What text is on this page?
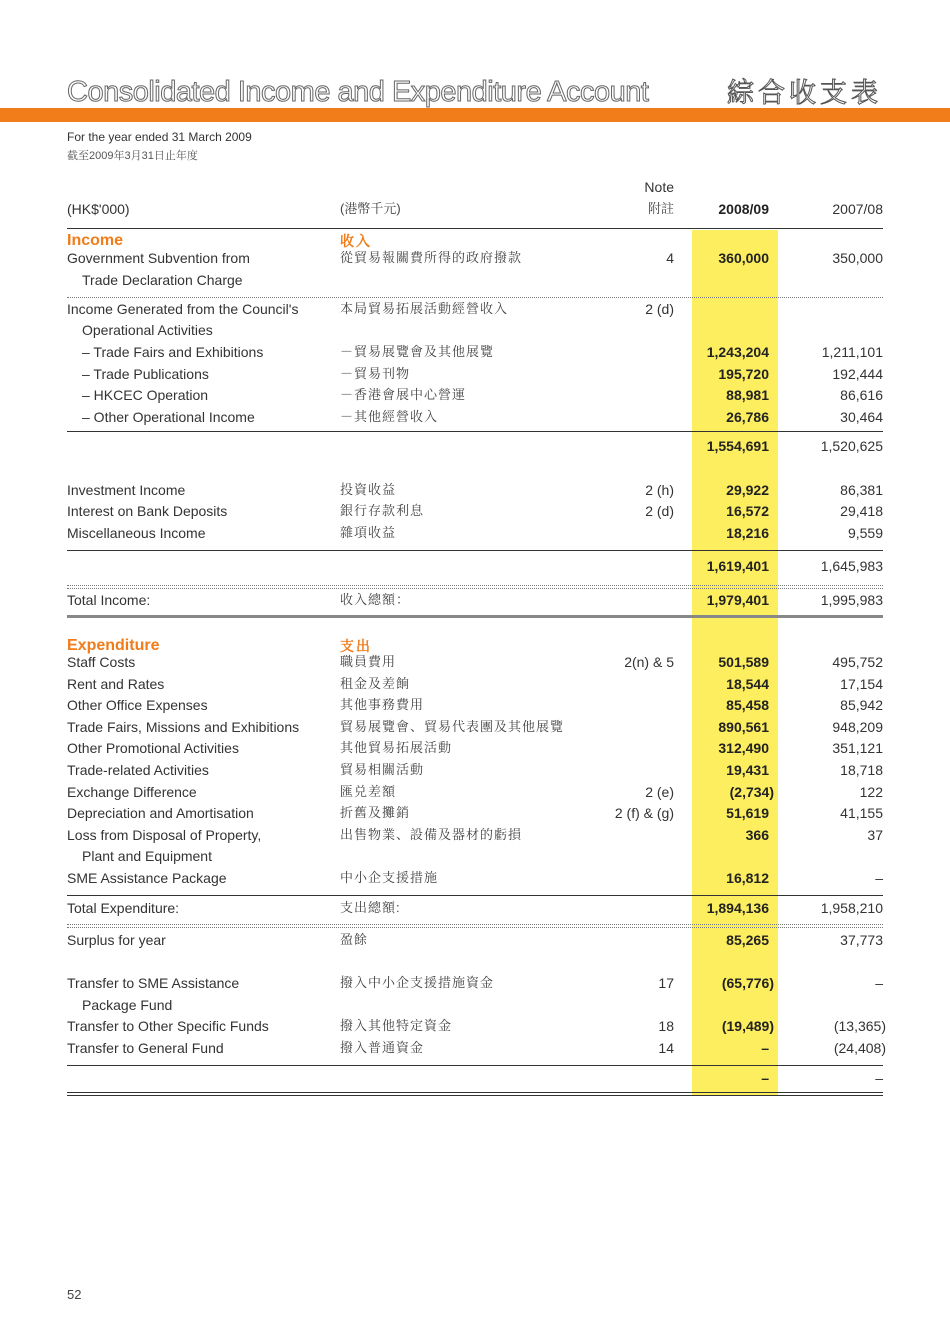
Consolidated Income and Expenditure Account	綜合收支表
For the year ended 31 March 2009
截至2009年3月31日止年度
Note
(HK$'000)	(港幣千元)	附註	2008/09	2007/08
Income	收入
Government Subvention from	從貿易報關費所得的政府撥款	4	360,000	350,000
Trade Declaration Charge
Income Generated from the Council's	本局貿易拓展活動經營收入	2 (d)
Operational Activities
– Trade Fairs and Exhibitions	－貿易展覽會及其他展覽	1,243,204	1,211,101
– Trade Publications	－貿易刊物	195,720	192,444
– HKCEC Operation	－香港會展中心營運	88,981	86,616
– Other Operational Income	－其他經營收入	26,786	30,464
1,554,691	1,520,625
Investment Income	投資收益	2 (h)	29,922	86,381
Interest on Bank Deposits	銀行存款利息	2 (d)	16,572	29,418
Miscellaneous Income	雜項收益	18,216	9,559
1,619,401	1,645,983
Total Income:	收入總額：	1,979,401	1,995,983
Expenditure	支出
Staff Costs	職員費用	2(n) & 5	501,589	495,752
Rent and Rates	租金及差餉	18,544	17,154
Other Office Expenses	其他事務費用	85,458	85,942
Trade Fairs, Missions and Exhibitions	貿易展覽會、貿易代表團及其他展覽	890,561	948,209
Other Promotional Activities	其他貿易拓展活動	312,490	351,121
Trade-related Activities	貿易相關活動	19,431	18,718
Exchange Difference	匯兑差額	2 (e)	(2,734)	122
Depreciation and Amortisation	折舊及攤銷	2 (f) & (g)	51,619	41,155
Loss from Disposal of Property,	出售物業、設備及器材的虧損	366	37
Plant and Equipment
SME Assistance Package	中小企支援措施	16,812	–
Total Expenditure:	支出總額:	1,894,136	1,958,210
Surplus for year	盈餘	85,265	37,773
Transfer to SME Assistance	撥入中小企支援措施資金	17	(65,776)	–
Package Fund
Transfer to Other Specific Funds	撥入其他特定資金	18	(19,489)	(13,365)
Transfer to General Fund	撥入普通資金	14	–	(24,408)
–	–
52
